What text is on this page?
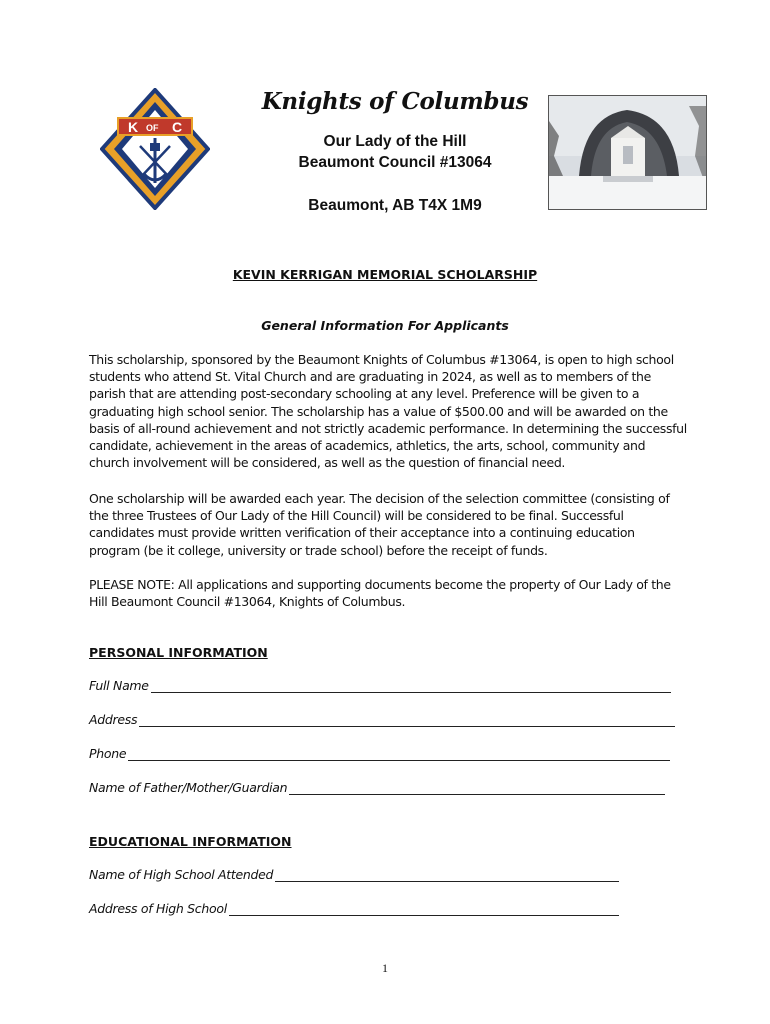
K OF C
Knights of Columbus
Our Lady of the Hill
Beaumont Council #13064
Beaumont, AB T4X 1M9
KEVIN KERRIGAN MEMORIAL SCHOLARSHIP
General Information For Applicants

This scholarship, sponsored by the Beaumont Knights of Columbus #13064, is open to high school students who attend St. Vital Church and are graduating in 2024, as well as to members of the parish that are attending post-secondary schooling at any level. Preference will be given to a graduating high school senior. The scholarship has a value of $500.00 and will be awarded on the basis of all-round achievement and not strictly academic performance. In determining the successful candidate, achievement in the areas of academics, athletics, the arts, school, community and church involvement will be considered, as well as the question of financial need.

One scholarship will be awarded each year. The decision of the selection committee (consisting of the three Trustees of Our Lady of the Hill Council) will be considered to be final. Successful candidates must provide written verification of their acceptance into a continuing education program (be it college, university or trade school) before the receipt of funds.

PLEASE NOTE: All applications and supporting documents become the property of Our Lady of the Hill Beaumont Council #13064, Knights of Columbus.

PERSONAL INFORMATION
Full Name
Address
Phone
Name of Father/Mother/Guardian
EDUCATIONAL INFORMATION
Name of High School Attended
Address of High School
1
